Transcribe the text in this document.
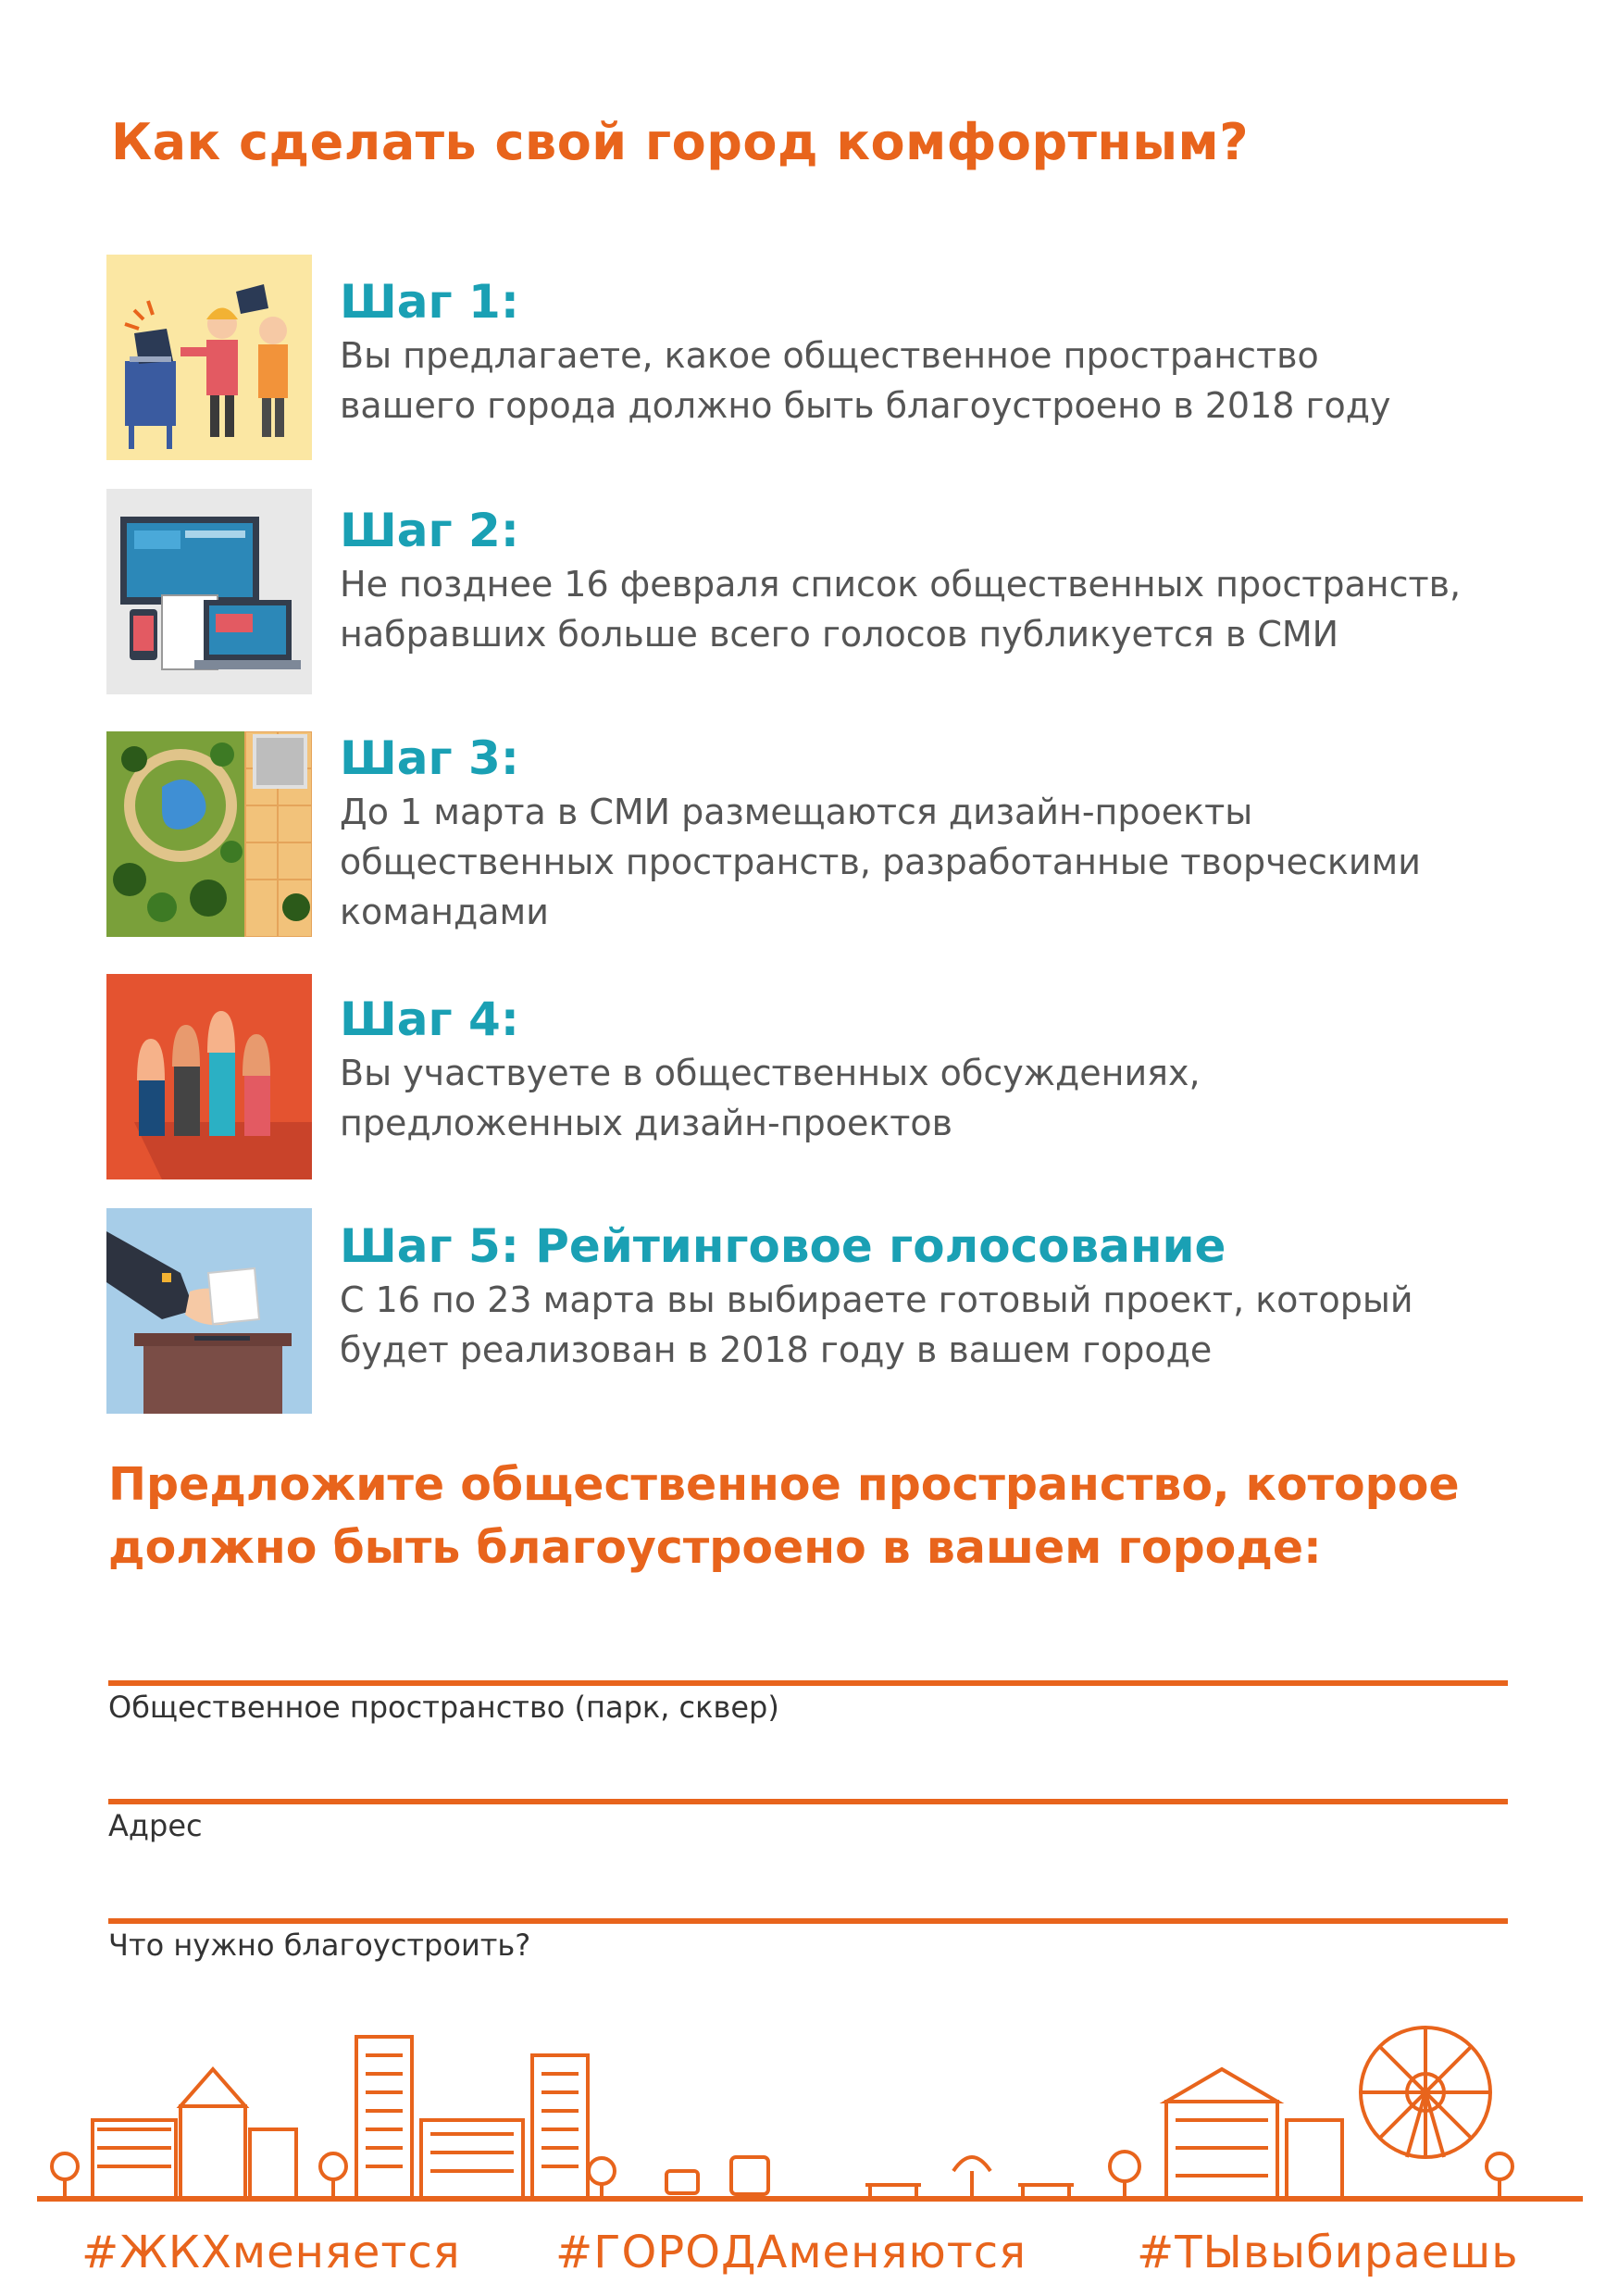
Как сделать свой город комфортным?
Шаг 1:
Вы предлагаете, какое общественное пространство
вашего города должно быть благоустроено в 2018 году
Шаг 2:
Не позднее 16 февраля список общественных пространств,
набравших больше всего голосов публикуется в СМИ
Шаг 3:
До 1 марта в СМИ размещаются дизайн-проекты
общественных пространств, разработанные творческими
командами
Шаг 4:
Вы участвуете в общественных обсуждениях,
предложенных дизайн-проектов
Шаг 5: Рейтинговое голосование
С 16 по 23 марта вы выбираете готовый проект, который
будет реализован в 2018 году в вашем городе
Предложите общественное пространство, которое
должно быть благоустроено в вашем городе:
Общественное пространство (парк, сквер)
Адрес
Что нужно благоустроить?
#ЖКХменяется #ГОРОДАменяются #ТЫвыбираешь
